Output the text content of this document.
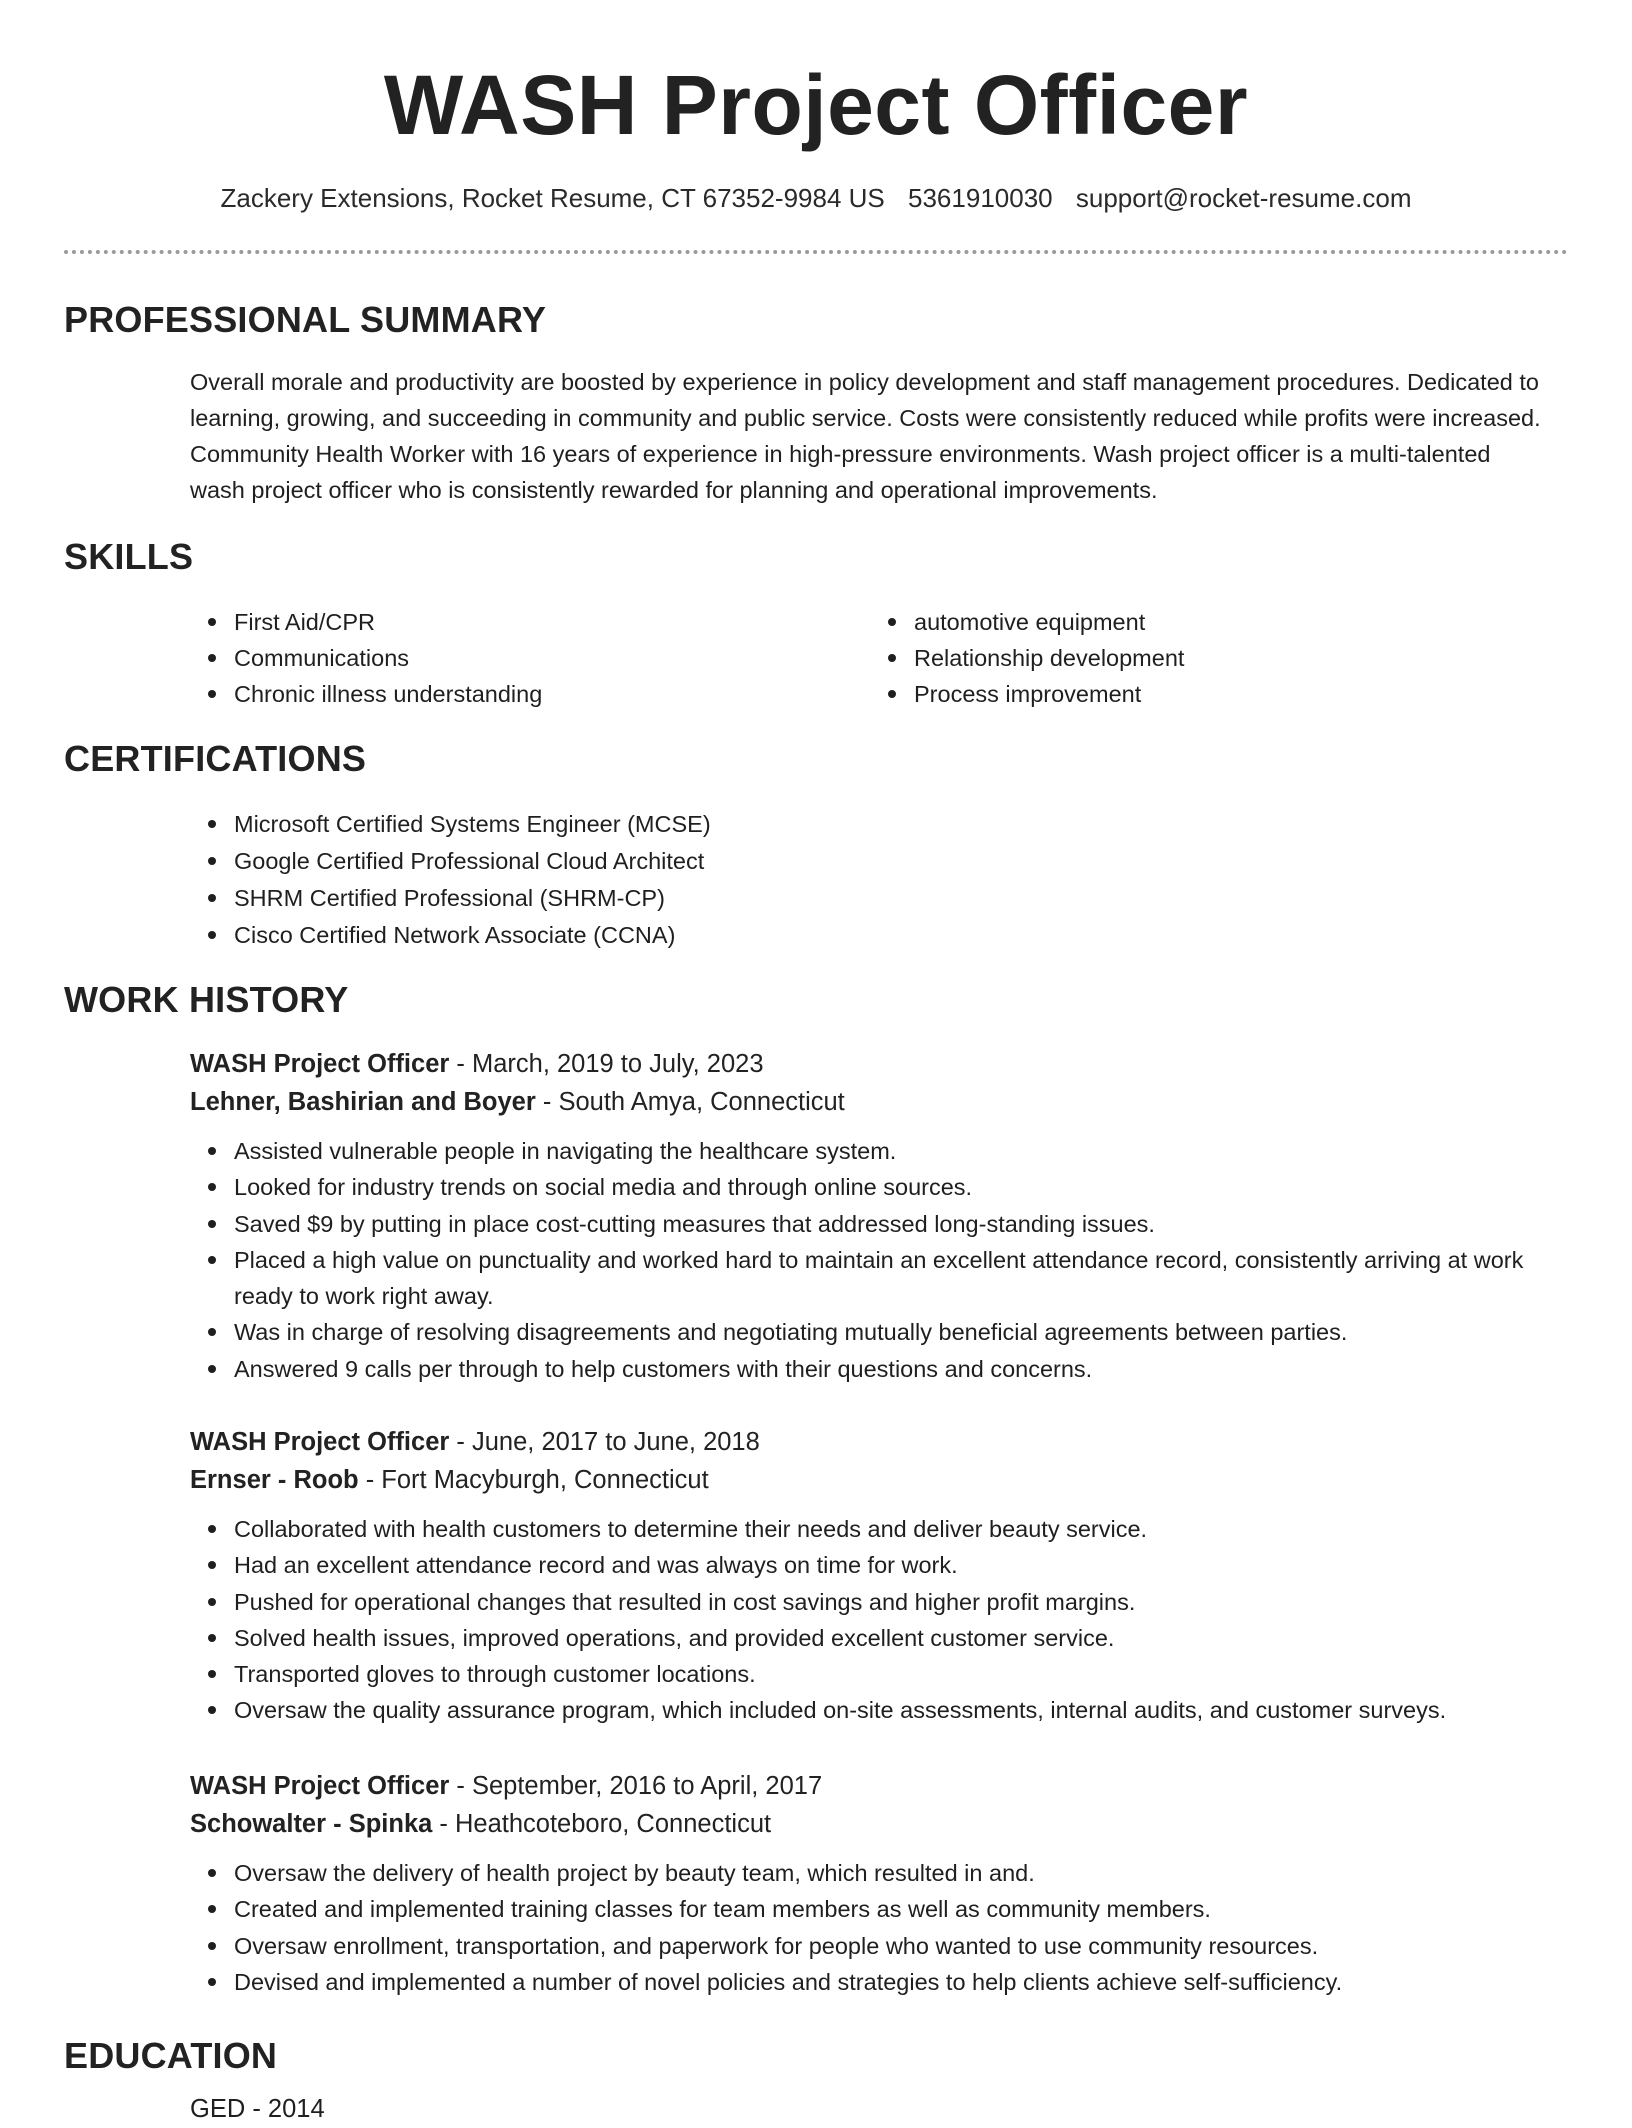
WASH Project Officer
Zackery Extensions, Rocket Resume, CT 67352-9984 US 5361910030 support@rocket-resume.com
PROFESSIONAL SUMMARY
Overall morale and productivity are boosted by experience in policy development and staff management procedures. Dedicated to learning, growing, and succeeding in community and public service. Costs were consistently reduced while profits were increased. Community Health Worker with 16 years of experience in high-pressure environments. Wash project officer is a multi-talented wash project officer who is consistently rewarded for planning and operational improvements.
SKILLS
First Aid/CPR
Communications
Chronic illness understanding
automotive equipment
Relationship development
Process improvement
CERTIFICATIONS
Microsoft Certified Systems Engineer (MCSE)
Google Certified Professional Cloud Architect
SHRM Certified Professional (SHRM-CP)
Cisco Certified Network Associate (CCNA)
WORK HISTORY
WASH Project Officer - March, 2019 to July, 2023
Lehner, Bashirian and Boyer - South Amya, Connecticut
Assisted vulnerable people in navigating the healthcare system.
Looked for industry trends on social media and through online sources.
Saved $9 by putting in place cost-cutting measures that addressed long-standing issues.
Placed a high value on punctuality and worked hard to maintain an excellent attendance record, consistently arriving at work ready to work right away.
Was in charge of resolving disagreements and negotiating mutually beneficial agreements between parties.
Answered 9 calls per through to help customers with their questions and concerns.
WASH Project Officer - June, 2017 to June, 2018
Ernser - Roob - Fort Macyburgh, Connecticut
Collaborated with health customers to determine their needs and deliver beauty service.
Had an excellent attendance record and was always on time for work.
Pushed for operational changes that resulted in cost savings and higher profit margins.
Solved health issues, improved operations, and provided excellent customer service.
Transported gloves to through customer locations.
Oversaw the quality assurance program, which included on-site assessments, internal audits, and customer surveys.
WASH Project Officer - September, 2016 to April, 2017
Schowalter - Spinka - Heathcoteboro, Connecticut
Oversaw the delivery of health project by beauty team, which resulted in and.
Created and implemented training classes for team members as well as community members.
Oversaw enrollment, transportation, and paperwork for people who wanted to use community resources.
Devised and implemented a number of novel policies and strategies to help clients achieve self-sufficiency.
EDUCATION
GED - 2014
